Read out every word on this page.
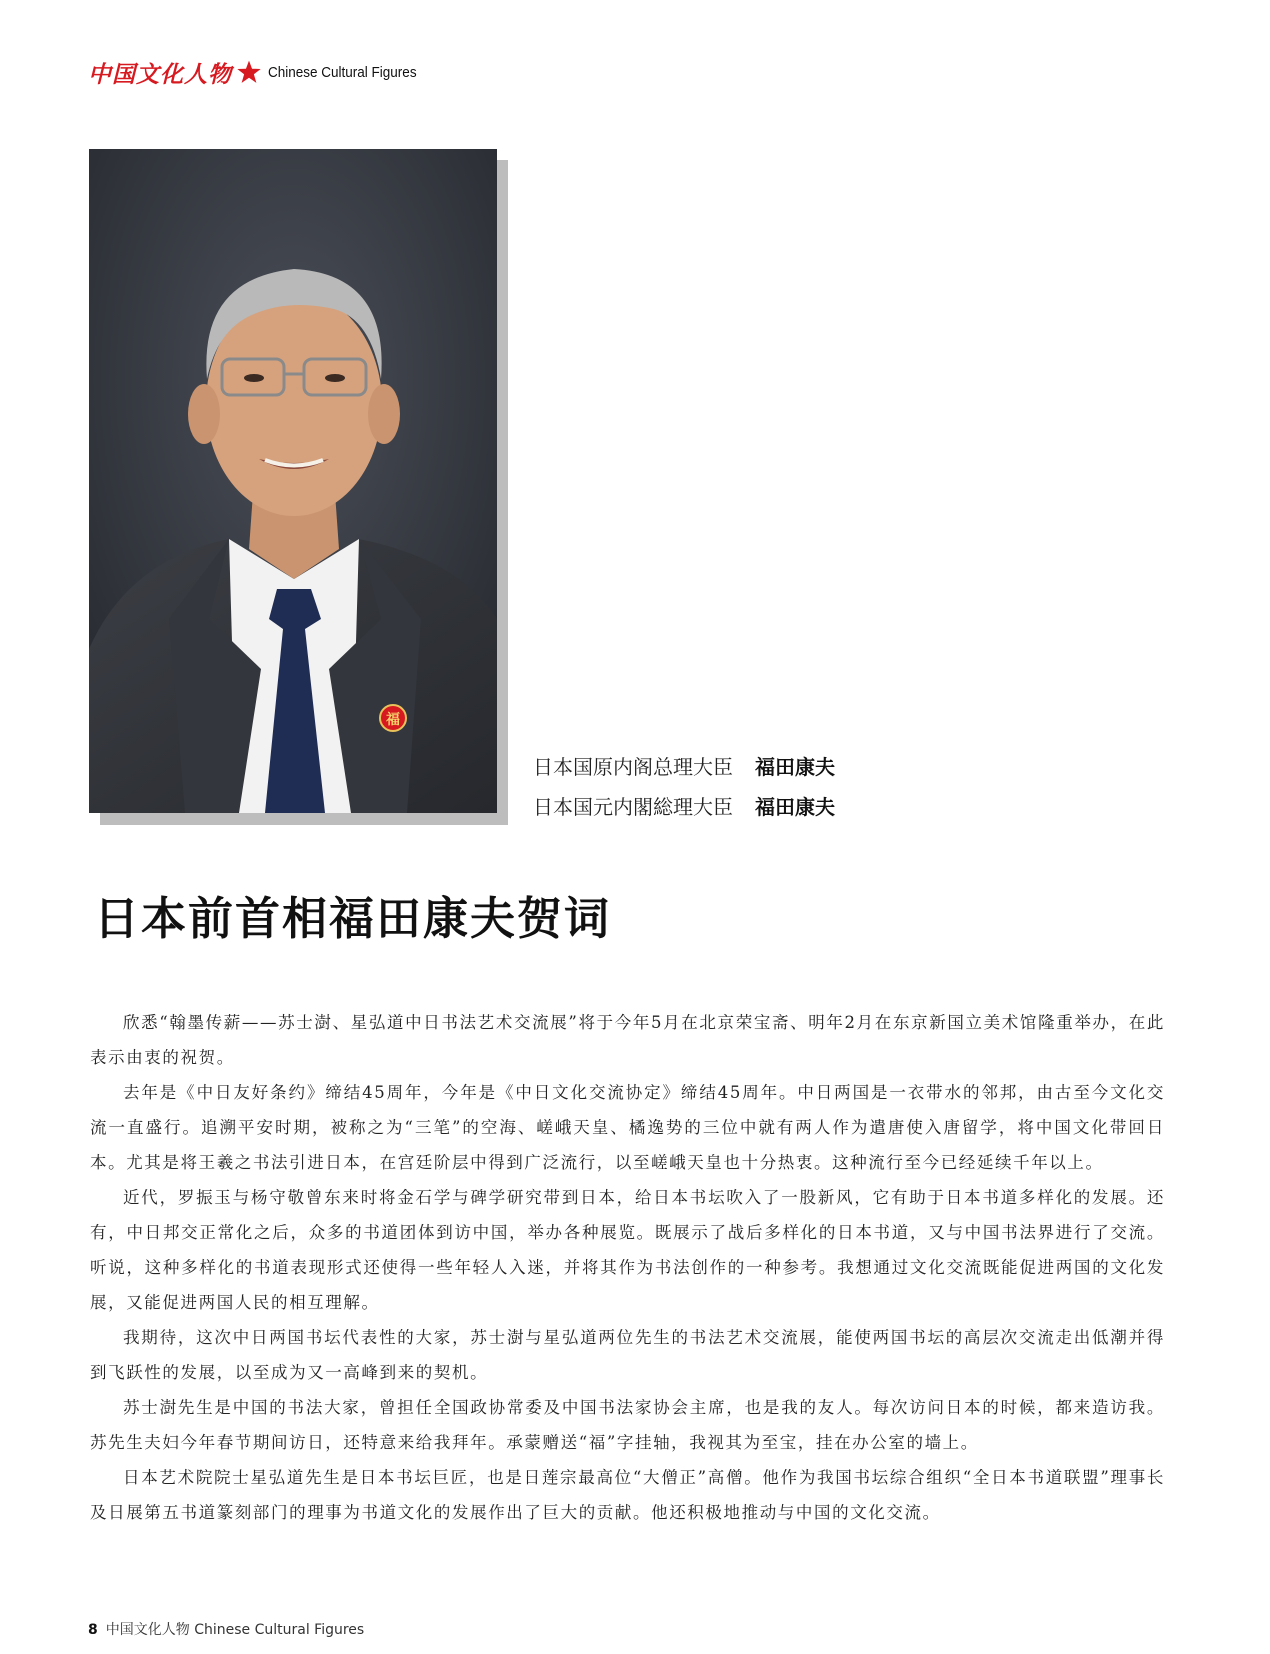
中国文化人物 Chinese Cultural Figures
福
日本国原内阁总理大臣 福田康夫
日本国元内閣総理大臣 福田康夫
日本前首相福田康夫贺词

欣悉“翰墨传薪——苏士澍、星弘道中日书法艺术交流展”将于今年5月在北京荣宝斋、明年2月在东京新国立美术馆隆重举办，在此表示由衷的祝贺。

去年是《中日友好条约》缔结45周年，今年是《中日文化交流协定》缔结45周年。中日两国是一衣带水的邻邦，由古至今文化交流一直盛行。追溯平安时期，被称之为“三笔”的空海、嵯峨天皇、橘逸势的三位中就有两人作为遣唐使入唐留学，将中国文化带回日本。尤其是将王羲之书法引进日本，在宫廷阶层中得到广泛流行，以至嵯峨天皇也十分热衷。这种流行至今已经延续千年以上。

近代，罗振玉与杨守敬曾东来时将金石学与碑学研究带到日本，给日本书坛吹入了一股新风，它有助于日本书道多样化的发展。还有，中日邦交正常化之后，众多的书道团体到访中国，举办各种展览。既展示了战后多样化的日本书道，又与中国书法界进行了交流。听说，这种多样化的书道表现形式还使得一些年轻人入迷，并将其作为书法创作的一种参考。我想通过文化交流既能促进两国的文化发展，又能促进两国人民的相互理解。

我期待，这次中日两国书坛代表性的大家，苏士澍与星弘道两位先生的书法艺术交流展，能使两国书坛的高层次交流走出低潮并得到飞跃性的发展，以至成为又一高峰到来的契机。

苏士澍先生是中国的书法大家，曾担任全国政协常委及中国书法家协会主席，也是我的友人。每次访问日本的时候，都来造访我。苏先生夫妇今年春节期间访日，还特意来给我拜年。承蒙赠送“福”字挂轴，我视其为至宝，挂在办公室的墙上。

日本艺术院院士星弘道先生是日本书坛巨匠，也是日莲宗最高位“大僧正”高僧。他作为我国书坛综合组织“全日本书道联盟”理事长及日展第五书道篆刻部门的理事为书道文化的发展作出了巨大的贡献。他还积极地推动与中国的文化交流。

8 中国文化人物 Chinese Cultural Figures
